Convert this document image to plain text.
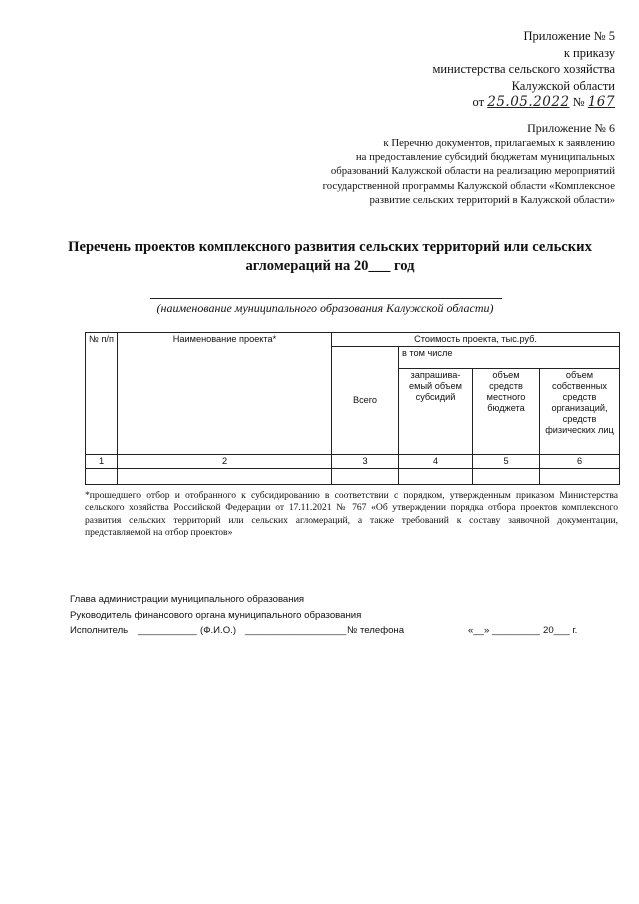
Приложение № 5
к приказу
министерства сельского хозяйства
Калужской области
от 25.05.2022 № 167
Приложение № 6
к Перечню документов, прилагаемых к заявлению
на предоставление субсидий бюджетам муниципальных
образований Калужской области на реализацию мероприятий
государственной программы Калужской области «Комплексное
развитие сельских территорий в Калужской области»
Перечень проектов комплексного развития сельских территорий или сельских
агломераций на 20___ год
(наименование муниципального образования Калужской области)
№ п/п	Наименование проекта*	Стоимость проекта, тыс.руб.			
		Всего	в том числе		
			запрашива-емый объем субсидий	объем средств местного бюджета	объем собственных средств организаций, средств физических лиц
1	2	3	4	5	6

*прошедшего отбор и отобранного к субсидированию в соответствии с порядком, утвержденным приказом Министерства сельского хозяйства Российской Федерации от 17.11.2021 № 767 «Об утверждении порядка отбора проектов комплексного развития сельских территорий или сельских агломераций, а также требований к составу заявочной документации, представляемой на отбор проектов»
Глава администрации муниципального образования
Руководитель финансового органа муниципального образования
Исполнитель ___________ (Ф.И.О.) ___________________ № телефона	«__» _________ 20___ г.
